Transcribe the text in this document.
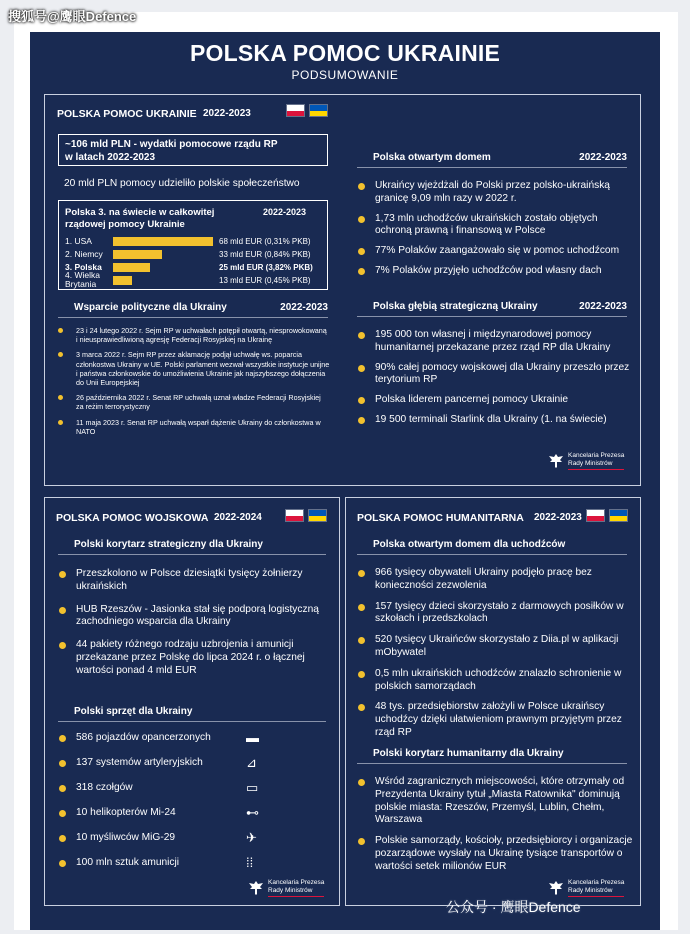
POLSKA POMOC UKRAINIE
PODSUMOWANIE
POLSKA POMOC UKRAINIE 2022-2023
~106 mld PLN - wydatki pomocowe rządu RP
w latach 2022-2023
20 mld PLN pomocy udzieliło polskie społeczeństwo
Polska 3. na świecie w całkowitej
rządowej pomocy Ukrainie
2022-2023
1. USA	68 mld EUR (0,31% PKB)
2. Niemcy	33 mld EUR (0,84% PKB)
3. Polska	25 mld EUR (3,82% PKB)
4. Wielka Brytania	13 mld EUR (0,45% PKB)
Wsparcie polityczne dla Ukrainy	2022-2023
23 i 24 lutego 2022 r. Sejm RP w uchwałach potępił otwartą, niesprowokowaną i nieusprawiedliwioną agresję Federacji Rosyjskiej na Ukrainę
3 marca 2022 r. Sejm RP przez aklamację podjął uchwałę ws. poparcia członkostwa Ukrainy w UE. Polski parlament wezwał wszystkie instytucje unijne i państwa członkowskie do umożliwienia Ukrainie jak najszybszego dołączenia do Unii Europejskiej
26 października 2022 r. Senat RP uchwałą uznał władze Federacji Rosyjskiej za reżim terrorystyczny
11 maja 2023 r. Senat RP uchwałą wsparł dążenie Ukrainy do członkostwa w NATO
Polska otwartym domem	2022-2023
Ukraińcy wjeżdżali do Polski przez polsko-ukraińską granicę 9,09 mln razy w 2022 r.
1,73 mln uchodźców ukraińskich zostało objętych ochroną prawną i finansową w Polsce
77% Polaków zaangażowało się w pomoc uchodźcom
7% Polaków przyjęło uchodźców pod własny dach
Polska głębią strategiczną Ukrainy	2022-2023
195 000 ton własnej i międzynarodowej pomocy humanitarnej przekazane przez rząd RP dla Ukrainy
90% całej pomocy wojskowej dla Ukrainy przeszło przez terytorium RP
Polska liderem pancernej pomocy Ukrainie
19 500 terminali Starlink dla Ukrainy (1. na świecie)
Kancelaria Prezesa
Rady Ministrów
POLSKA POMOC WOJSKOWA 2022-2024
Polski korytarz strategiczny dla Ukrainy
Przeszkolono w Polsce dziesiątki tysięcy żołnierzy ukraińskich
HUB Rzeszów - Jasionka stał się podporą logistyczną zachodniego wsparcia dla Ukrainy
44 pakiety różnego rodzaju uzbrojenia i amunicji przekazane przez Polskę do lipca 2024 r. o łącznej wartości ponad 4 mld EUR
Polski sprzęt dla Ukrainy
586 pojazdów opancerzonych	▬
137 systemów artyleryjskich	⊿
318 czołgów	▭
10 helikopterów Mi-24	⊷
10 myśliwców MiG-29	✈
100 mln sztuk amunicji	⁞⁞
Kancelaria Prezesa
Rady Ministrów
POLSKA POMOC HUMANITARNA 2022-2023
Polska otwartym domem dla uchodźców
966 tysięcy obywateli Ukrainy podjęło pracę bez konieczności zezwolenia
157 tysięcy dzieci skorzystało z darmowych posiłków w szkołach i przedszkolach
520 tysięcy Ukraińców skorzystało z Diia.pl w aplikacji mObywatel
0,5 mln ukraińskich uchodźców znalazło schronienie w polskich samorządach
48 tys. przedsiębiorstw założyli w Polsce ukraińscy uchodźcy dzięki ułatwieniom prawnym przyjętym przez rząd RP
Polski korytarz humanitarny dla Ukrainy
Wśród zagranicznych miejscowości, które otrzymały od Prezydenta Ukrainy tytuł „Miasta Ratownika" dominują polskie miasta: Rzeszów, Przemyśl, Lublin, Chełm, Warszawa
Polskie samorządy, kościoły, przedsiębiorcy i organizacje pozarządowe wysłały na Ukrainę tysiące transportów o wartości setek milionów EUR
Kancelaria Prezesa
Rady Ministrów
搜狐号@鹰眼Defence
公众号 · 鹰眼Defence
